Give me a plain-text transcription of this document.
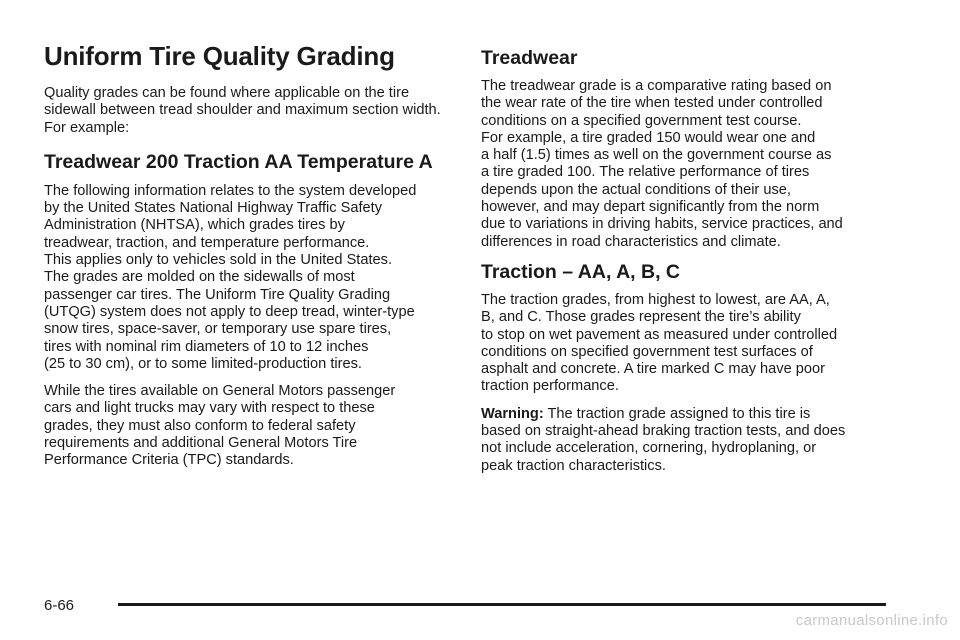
Uniform Tire Quality Grading

Quality grades can be found where applicable on the tire sidewall between tread shoulder and maximum section width. For example:

Treadwear 200 Traction AA Temperature A

The following information relates to the system developed

by the United States National Highway Traffic Safety

Administration (NHTSA), which grades tires by

treadwear, traction, and temperature performance.

This applies only to vehicles sold in the United States.

The grades are molded on the sidewalls of most

passenger car tires. The Uniform Tire Quality Grading

(UTQG) system does not apply to deep tread, winter-type

snow tires, space-saver, or temporary use spare tires,

tires with nominal rim diameters of 10 to 12 inches

(25 to 30 cm), or to some limited-production tires.

While the tires available on General Motors passenger

cars and light trucks may vary with respect to these

grades, they must also conform to federal safety

requirements and additional General Motors Tire

Performance Criteria (TPC) standards.

Treadwear

The treadwear grade is a comparative rating based on

the wear rate of the tire when tested under controlled

conditions on a specified government test course.

For example, a tire graded 150 would wear one and

a half (1.5) times as well on the government course as

a tire graded 100. The relative performance of tires

depends upon the actual conditions of their use,

however, and may depart significantly from the norm

due to variations in driving habits, service practices, and

differences in road characteristics and climate.

Traction – AA, A, B, C

The traction grades, from highest to lowest, are AA, A,

B, and C. Those grades represent the tire’s ability

to stop on wet pavement as measured under controlled

conditions on specified government test surfaces of

asphalt and concrete. A tire marked C may have poor

traction performance.

Warning: The traction grade assigned to this tire is

based on straight-ahead braking traction tests, and does

not include acceleration, cornering, hydroplaning, or

peak traction characteristics.

6-66
carmanualsonline.info
